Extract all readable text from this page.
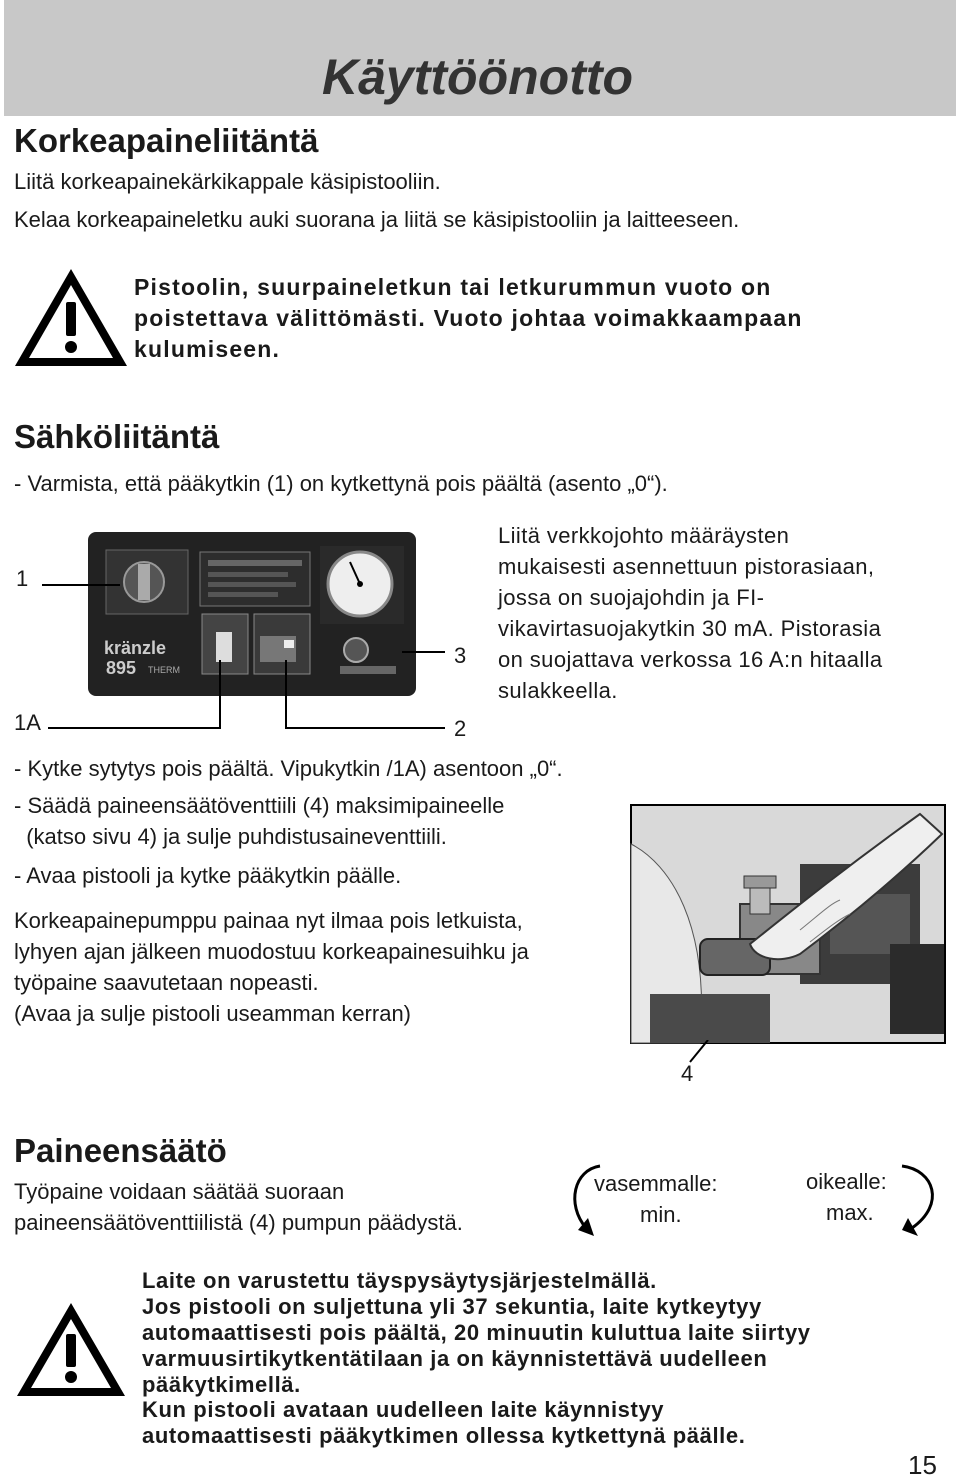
Käyttöönotto
Korkeapaineliitäntä
Liitä korkeapainekärkikappale käsipistooliin.
Kelaa korkeapaineletku auki suorana ja liitä se käsipistooliin ja laitteeseen.
Pistoolin, suurpaineletkun tai letkurummun vuoto on
poistettava välittömästi. Vuoto johtaa voimakkaampaan
kulumiseen.
Sähköliitäntä
- Varmista, että pääkytkin (1) on kytkettynä pois päältä (asento „0“).
kränzle
895 THERM
1
1A	2
3
Liitä verkkojohto määräysten
mukaisesti asennettuun pistorasiaan,
jossa on suojajohdin ja FI-
vikavirtasuojakytkin 30 mA. Pistorasia
on suojattava verkossa 16 A:n hitaalla
sulakkeella.
- Kytke sytytys pois päältä. Vipukytkin /1A) asentoon „0“.
- Säädä paineensäätöventtiili (4) maksimipaineelle
(katso sivu 4) ja sulje puhdistusaineventtiili.
- Avaa pistooli ja kytke pääkytkin päälle.
Korkeapainepumppu painaa nyt ilmaa pois letkuista,
lyhyen ajan jälkeen muodostuu korkeapainesuihku ja
työpaine saavutetaan nopeasti.
(Avaa ja sulje pistooli useamman kerran)
4
Paineensäätö
Työpaine voidaan säätää suoraan
paineensäätöventtiilistä (4) pumpun päädystä.
vasemmalle:
min.
oikealle:
max.
Laite on varustettu täyspysäytysjärjestelmällä.
Jos pistooli on suljettuna yli 37 sekuntia, laite kytkeytyy
automaattisesti pois päältä, 20 minuutin kuluttua laite siirtyy
varmuusirtikytkentätilaan ja on käynnistettävä uudelleen
pääkytkimellä.
Kun pistooli avataan uudelleen laite käynnistyy
automaattisesti pääkytkimen ollessa kytkettynä päälle.
15
